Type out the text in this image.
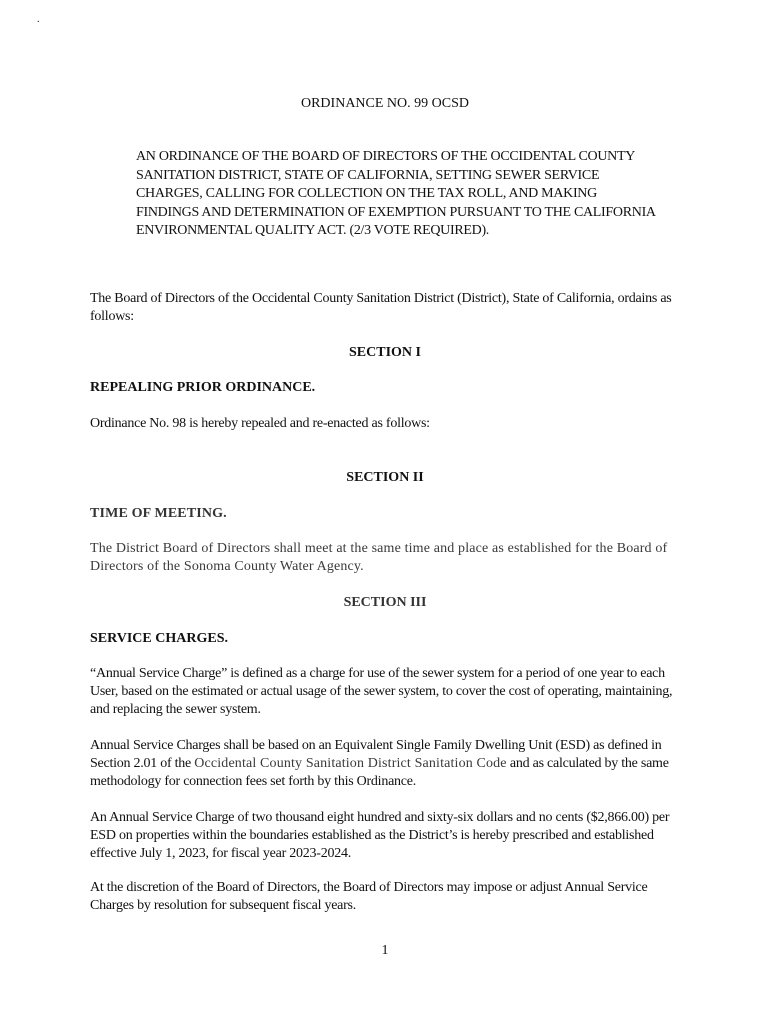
.
ORDINANCE NO. 99 OCSD
AN ORDINANCE OF THE BOARD OF DIRECTORS OF THE OCCIDENTAL COUNTY SANITATION DISTRICT, STATE OF CALIFORNIA, SETTING SEWER SERVICE CHARGES, CALLING FOR COLLECTION ON THE TAX ROLL, AND MAKING FINDINGS AND DETERMINATION OF EXEMPTION PURSUANT TO THE CALIFORNIA ENVIRONMENTAL QUALITY ACT. (2/3 VOTE REQUIRED).
The Board of Directors of the Occidental County Sanitation District (District), State of California, ordains as follows:
SECTION I
REPEALING PRIOR ORDINANCE.
Ordinance No. 98 is hereby repealed and re-enacted as follows:
SECTION II
TIME OF MEETING.
The District Board of Directors shall meet at the same time and place as established for the Board of Directors of the Sonoma County Water Agency.
SECTION III
SERVICE CHARGES.
“Annual Service Charge” is defined as a charge for use of the sewer system for a period of one year to each User, based on the estimated or actual usage of the sewer system, to cover the cost of operating, maintaining, and replacing the sewer system.
Annual Service Charges shall be based on an Equivalent Single Family Dwelling Unit (ESD) as defined in Section 2.01 of the Occidental County Sanitation District Sanitation Code and as calculated by the same methodology for connection fees set forth by this Ordinance.
An Annual Service Charge of two thousand eight hundred and sixty-six dollars and no cents ($2,866.00) per ESD on properties within the boundaries established as the District’s is hereby prescribed and established effective July 1, 2023, for fiscal year 2023-2024.
At the discretion of the Board of Directors, the Board of Directors may impose or adjust Annual Service Charges by resolution for subsequent fiscal years.
1
